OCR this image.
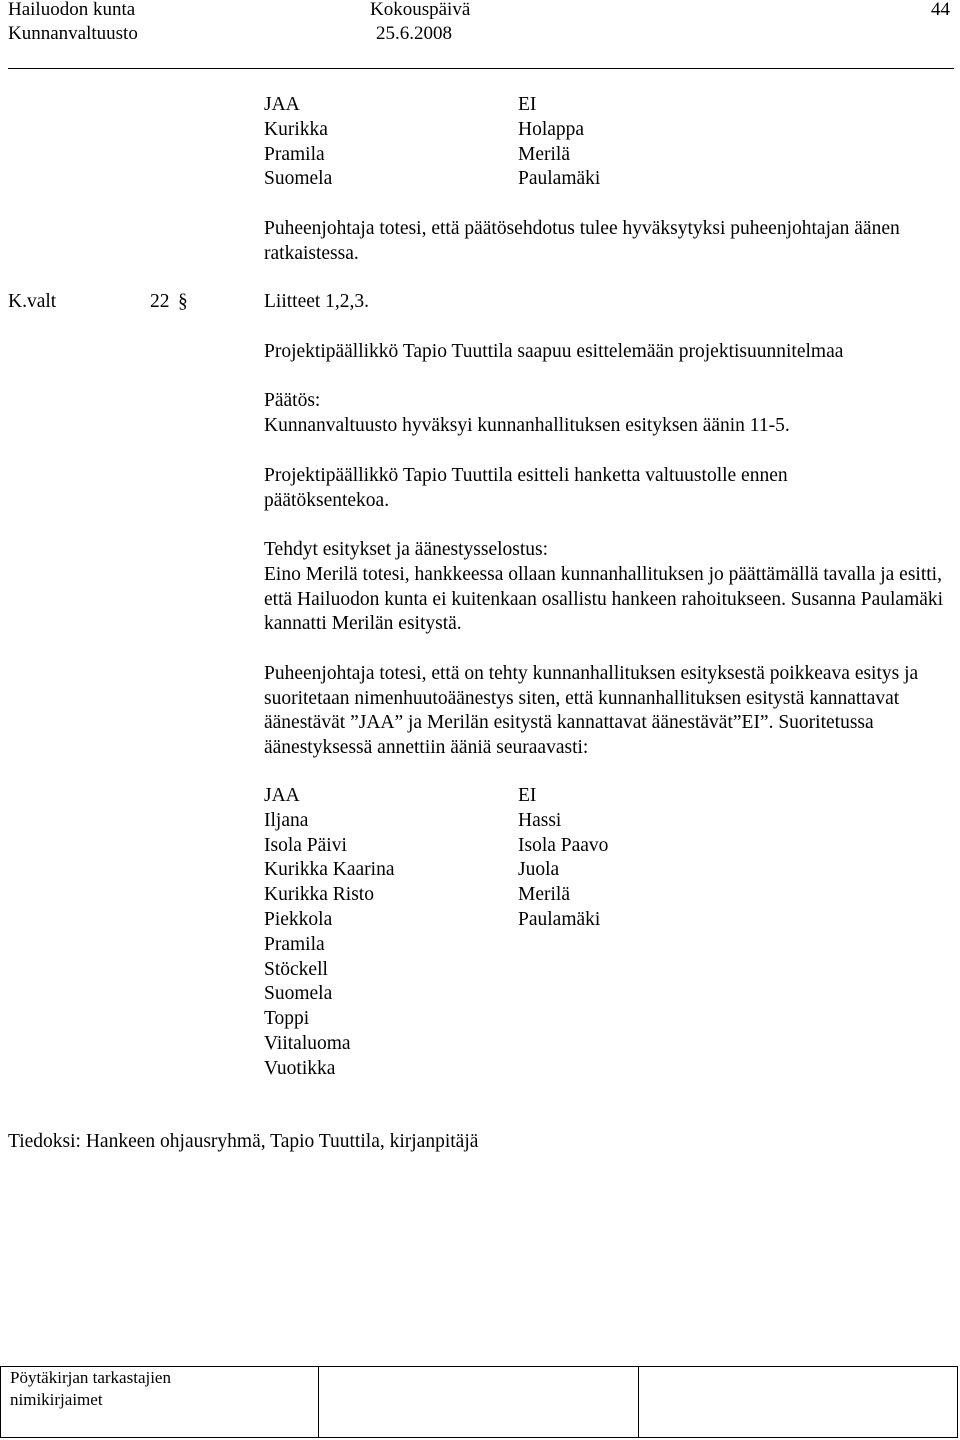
Hailuodon kunta
Kunnanvaltuusto
Kokouspäivä
25.6.2008
44
JAA
Kurikka
Pramila
Suomela
EI
Holappa
Merilä
Paulamäki
Puheenjohtaja totesi, että päätösehdotus tulee hyväksytyksi puheenjohtajan äänen ratkaistessa.
K.valt	22 §	Liitteet 1,2,3.
Projektipäällikkö Tapio Tuuttila saapuu esittelemään projektisuunnitelmaa
Päätös:
Kunnanvaltuusto hyväksyi kunnanhallituksen esityksen äänin 11-5.
Projektipäällikkö Tapio Tuuttila esitteli hanketta valtuustolle ennen päätöksentekoa.
Tehdyt esitykset ja äänestysselostus:
Eino Merilä totesi, hankkeessa ollaan kunnanhallituksen jo päättämällä tavalla ja esitti, että Hailuodon kunta ei kuitenkaan osallistu hankeen rahoitukseen. Susanna Paulamäki kannatti Merilän esitystä.
Puheenjohtaja totesi, että on tehty kunnanhallituksen esityksestä poikkeava esitys ja suoritetaan nimenhuutoäänestys siten, että kunnanhallituksen esitystä kannattavat äänestävät ”JAA” ja Merilän esitystä kannattavat äänestävät”EI”. Suoritetussa äänestyksessä annettiin ääniä seuraavasti:
JAA
Iljana
Isola Päivi
Kurikka Kaarina
Kurikka Risto
Piekkola
Pramila
Stöckell
Suomela
Toppi
Viitaluoma
Vuotikka
EI
Hassi
Isola Paavo
Juola
Merilä
Paulamäki
Tiedoksi: Hankeen ohjausryhmä, Tapio Tuuttila, kirjanpitäjä
Pöytäkirjan tarkastajien
nimikirjaimet
